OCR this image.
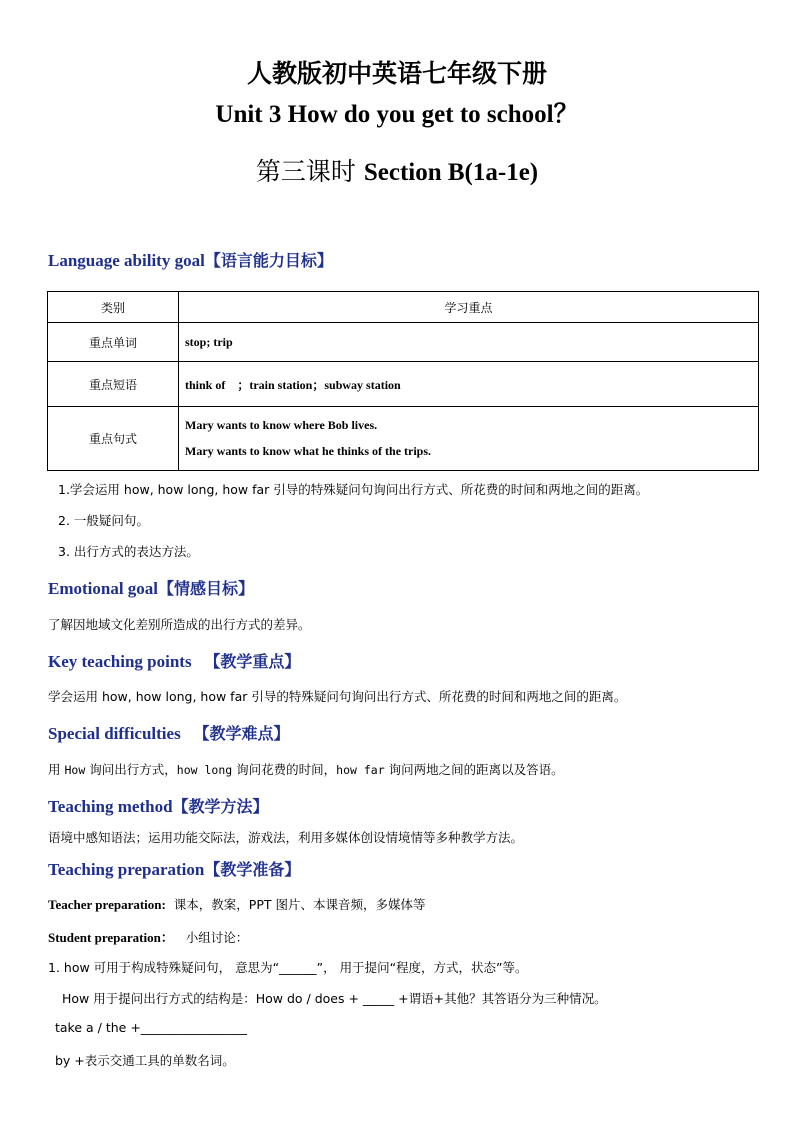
人教版初中英语七年级下册
Unit 3 How do you get to school？
第三课时 Section B(1a-1e)
Language ability goal【语言能力目标】
类别	学习重点
重点单词	stop; trip
重点短语	think of　；train station；subway station
重点句式	Mary wants to know where Bob lives.
Mary wants to know what he thinks of the trips.
1.学会运用 how, how long, how far 引导的特殊疑问句询问出行方式、所花费的时间和两地之间的距离。
2. 一般疑问句。
3. 出行方式的表达方法。
Emotional goal【情感目标】
了解因地域文化差别所造成的出行方式的差异。
Key teaching points 【教学重点】
学会运用 how, how long, how far 引导的特殊疑问句询问出行方式、所花费的时间和两地之间的距离。
Special difficulties 【教学难点】
用 How 询问出行方式，how long 询问花费的时间，how far 询问两地之间的距离以及答语。
Teaching method【教学方法】
语境中感知语法；运用功能交际法，游戏法，利用多媒体创设情境情等多种教学方法。
Teaching preparation【教学准备】
Teacher preparation: 课本，教案，PPT 图片、本课音频，多媒体等
Student preparation： 小组讨论：
1. how 可用于构成特殊疑问句， 意思为“______”， 用于提问“程度，方式，状态”等。
How 用于提问出行方式的结构是：How do / does + _____ +谓语+其他？其答语分为三种情况。
take a / the +_________________
by +表示交通工具的单数名词。
